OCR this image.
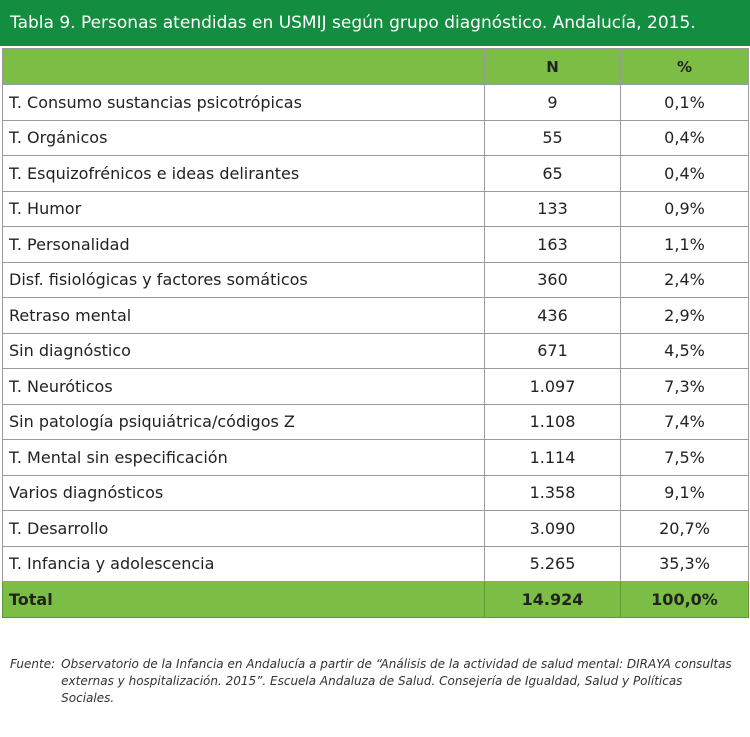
Tabla 9. Personas atendidas en USMIJ según grupo diagnóstico. Andalucía, 2015.
	N	%
T. Consumo sustancias psicotrópicas	9	0,1%
T. Orgánicos	55	0,4%
T. Esquizofrénicos e ideas delirantes	65	0,4%
T. Humor	133	0,9%
T. Personalidad	163	1,1%
Disf. fisiológicas y factores somáticos	360	2,4%
Retraso mental	436	2,9%
Sin diagnóstico	671	4,5%
T. Neuróticos	1.097	7,3%
Sin patología psiquiátrica/códigos Z	1.108	7,4%
T. Mental sin especificación	1.114	7,5%
Varios diagnósticos	1.358	9,1%
T. Desarrollo	3.090	20,7%
T. Infancia y adolescencia	5.265	35,3%
Total	14.924	100,0%
Fuente: Observatorio de la Infancia en Andalucía a partir de “Análisis de la actividad de salud mental: DIRAYA consultas externas y hospitalización. 2015”. Escuela Andaluza de Salud. Consejería de Igualdad, Salud y Políticas Sociales.
